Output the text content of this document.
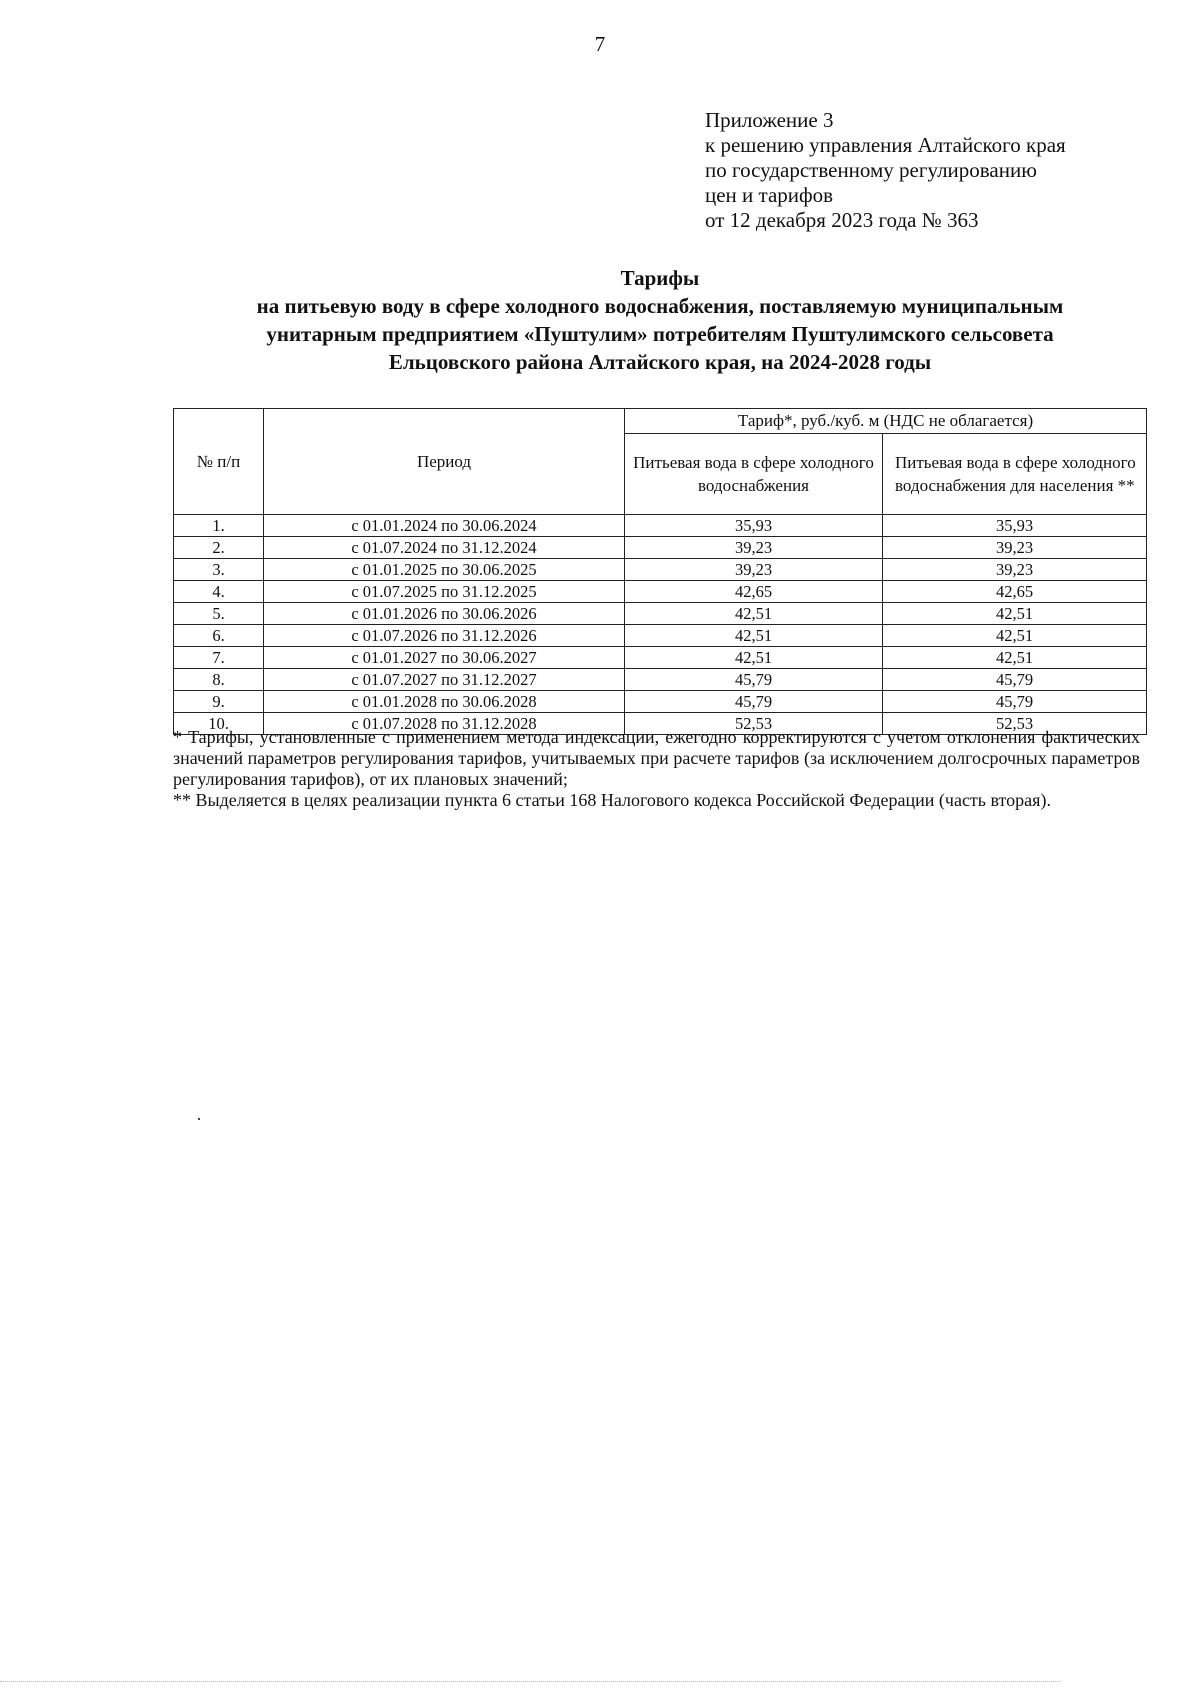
7
Приложение 3
к решению управления Алтайского края
по государственному регулированию
цен и тарифов
от 12 декабря 2023 года № 363
Тарифы
на питьевую воду в сфере холодного водоснабжения, поставляемую муниципальным
унитарным предприятием «Пуштулим» потребителям Пуштулимского сельсовета
Ельцовского района Алтайского края, на 2024-2028 годы
№ п/п	Период	Тариф*, руб./куб. м (НДС не облагается)	
		Питьевая вода в сфере холодного водоснабжения	Питьевая вода в сфере холодного водоснабжения для населения **
1.	с 01.01.2024 по 30.06.2024	35,93	35,93
2.	с 01.07.2024 по 31.12.2024	39,23	39,23
3.	с 01.01.2025 по 30.06.2025	39,23	39,23
4.	с 01.07.2025 по 31.12.2025	42,65	42,65
5.	с 01.01.2026 по 30.06.2026	42,51	42,51
6.	с 01.07.2026 по 31.12.2026	42,51	42,51
7.	с 01.01.2027 по 30.06.2027	42,51	42,51
8.	с 01.07.2027 по 31.12.2027	45,79	45,79
9.	с 01.01.2028 по 30.06.2028	45,79	45,79
10.	с 01.07.2028 по 31.12.2028	52,53	52,53

* Тарифы, установленные с применением метода индексации, ежегодно корректируются с учетом отклонения фактических значений параметров регулирования тарифов, учитываемых при расчете тарифов (за исключением долгосрочных параметров регулирования тарифов), от их плановых значений;

** Выделяется в целях реализации пункта 6 статьи 168 Налогового кодекса Российской Федерации (часть вторая).
